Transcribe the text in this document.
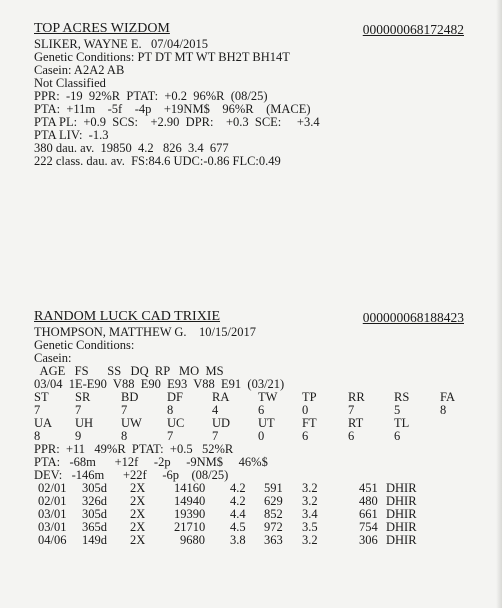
TOP ACRES WIZDOM	000000068172482
SLIKER, WAYNE E.   07/04/2015
Genetic Conditions: PT DT MT WT BH2T BH14T
Casein: A2A2 AB
Not Classified
PPR:  -19  92%R  PTAT:  +0.2  96%R  (08/25)
PTA:  +11m    -5f    -4p    +19NM$    96%R    (MACE)
PTA PL:  +0.9  SCS:    +2.90  DPR:    +0.3  SCE:     +3.4
PTA LIV:  -1.3
380 dau. av.  19850  4.2   826  3.4  677
222 class. dau. av.  FS:84.6 UDC:-0.86 FLC:0.49
RANDOM LUCK CAD TRIXIE	000000068188423
THOMPSON, MATTHEW G.    10/15/2017
Genetic Conditions:
Casein:
AGE   FS      SS   DQ  RP   MO  MS
03/04  1E-E90  V88  E90  E93  V88  E91  (03/21)
ST SR BD DF RA TW TP	RR RS FA
7	7	7	8	4	6	0	7	5	8
UA UH UW UC UD UT FT	RT TL
8	9	8	7	7	0	6	6	6
PPR:  +11   49%R  PTAT:  +0.5   52%R
PTA:   -68m      +12f     -2p     -9NM$     46%$
DEV:   -146m      +22f     -6p    (08/25)
02/01 305d 2X 14160 4.2 591 3.2	451 DHIR
02/01 326d 2X 14940 4.2 629 3.2	480 DHIR
03/01 305d 2X 19390 4.4 852 3.4	661 DHIR
03/01 365d 2X 21710 4.5 972 3.5	754 DHIR
04/06 149d 2X	9680 3.8 363 3.2	306 DHIR
